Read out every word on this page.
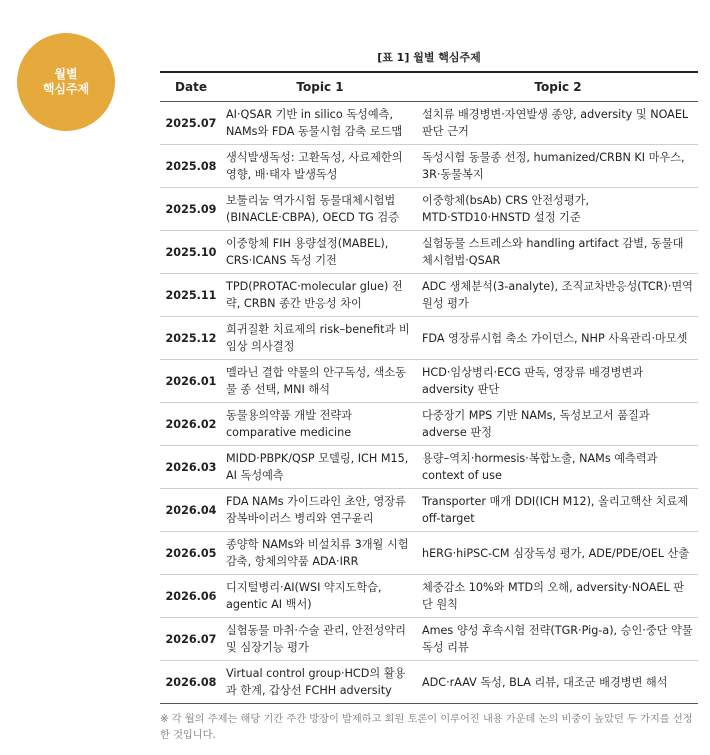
월별
핵심주제
[표 1] 월별 핵심주제
Date	Topic 1	Topic 2
2025.07	AI·QSAR 기반 in silico 독성예측, NAMs와 FDA 동물시험 감축 로드맵	설치류 배경병변·자연발생 종양, adversity 및 NOAEL 판단 근거
2025.08	생식발생독성: 고환독성, 사료제한의 영향, 배·태자 발생독성	독성시험 동물종 선정, humanized/CRBN KI 마우스, 3R·동물복지
2025.09	보툴리눔 역가시험 동물대체시험법(BINACLE·CBPA), OECD TG 검증	이중항체(bsAb) CRS 안전성평가, MTD·STD10·HNSTD 설정 기준
2025.10	이중항체 FIH 용량설정(MABEL), CRS·ICANS 독성 기전	실험동물 스트레스와 handling artifact 감별, 동물대체시험법·QSAR
2025.11	TPD(PROTAC·molecular glue) 전략, CRBN 종간 반응성 차이	ADC 생체분석(3-analyte), 조직교차반응성(TCR)·면역원성 평가
2025.12	희귀질환 치료제의 risk–benefit과 비임상 의사결정	FDA 영장류시험 축소 가이던스, NHP 사육관리·마모셋
2026.01	멜라닌 결합 약물의 안구독성, 색소동물 종 선택, MNI 해석	HCD·임상병리·ECG 판독, 영장류 배경병변과 adversity 판단
2026.02	동물용의약품 개발 전략과 comparative medicine	다중장기 MPS 기반 NAMs, 독성보고서 품질과 adverse 판정
2026.03	MIDD·PBPK/QSP 모델링, ICH M15, AI 독성예측	용량–역치·hormesis·복합노출, NAMs 예측력과 context of use
2026.04	FDA NAMs 가이드라인 초안, 영장류 잠복바이러스 병리와 연구윤리	Transporter 매개 DDI(ICH M12), 올리고핵산 치료제 off-target
2026.05	종양학 NAMs와 비설치류 3개월 시험 감축, 항체의약품 ADA·IRR	hERG·hiPSC-CM 심장독성 평가, ADE/PDE/OEL 산출
2026.06	디지털병리·AI(WSI 약지도학습, agentic AI 백서)	체중감소 10%와 MTD의 오해, adversity·NOAEL 판단 원칙
2026.07	실험동물 마취·수술 관리, 안전성약리 및 심장기능 평가	Ames 양성 후속시험 전략(TGR·Pig-a), 승인·중단 약물 독성 리뷰
2026.08	Virtual control group·HCD의 활용과 한계, 갑상선 FCHH adversity	ADC·rAAV 독성, BLA 리뷰, 대조군 배경병변 해석
※ 각 월의 주제는 해당 기간 주간 방장이 발제하고 회원 토론이 이루어진 내용 가운데 논의 비중이 높았던 두 가지를 선정한 것입니다.
